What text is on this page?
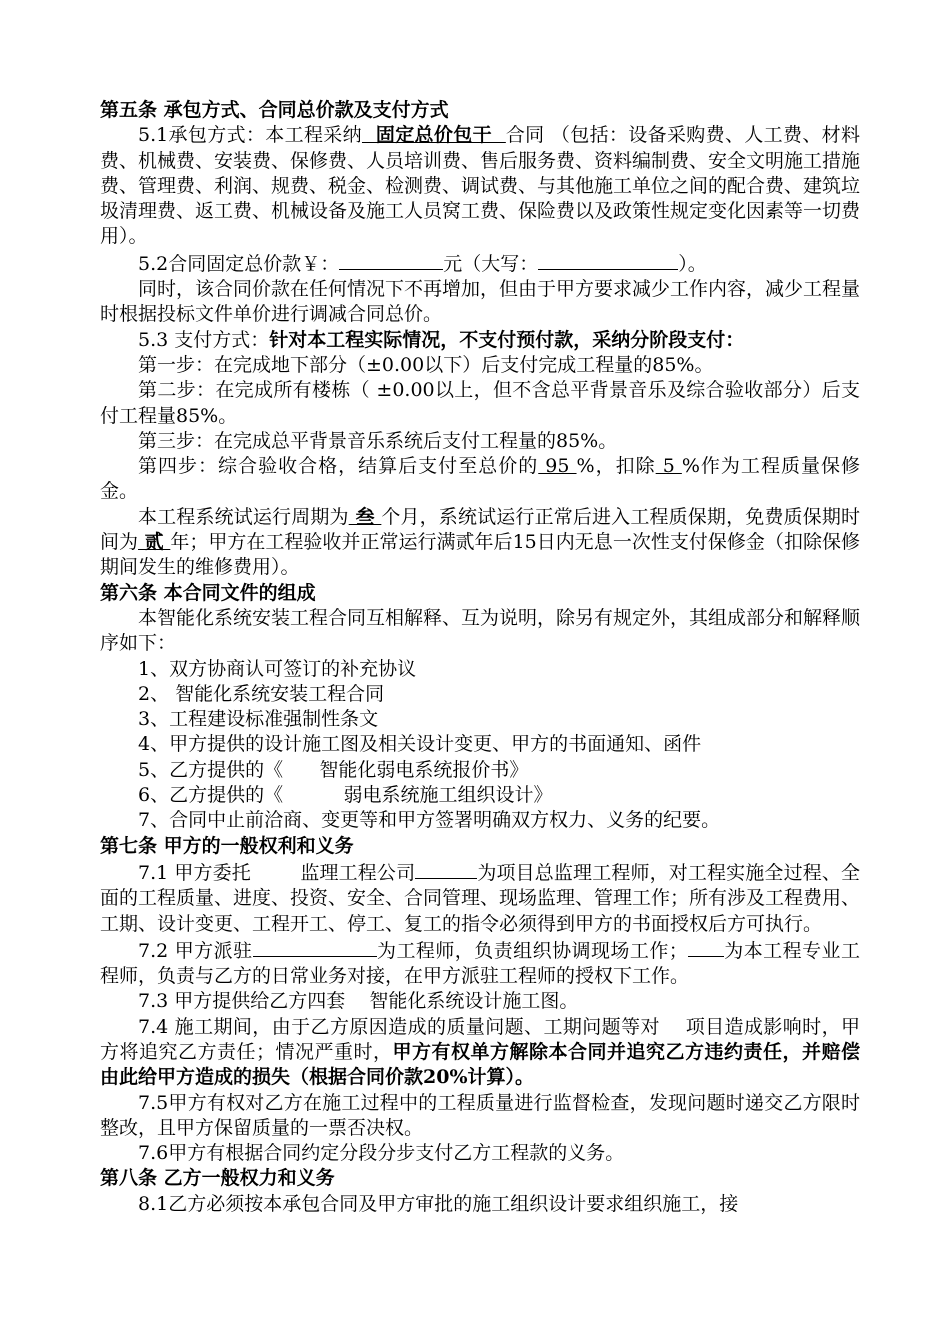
第五条 承包方式、合同总价款及支付方式

5.1承包方式：本工程采纳  固定总价包干  合同 （包括：设备采购费、人工费、材料费、机械费、安装费、保修费、人员培训费、售后服务费、资料编制费、安全文明施工措施费、管理费、利润、规费、税金、检测费、调试费、与其他施工单位之间的配合费、建筑垃圾清理费、返工费、机械设备及施工人员窝工费、保险费以及政策性规定变化因素等一切费用）。

5.2合同固定总价款￥：	元（大写：	）。

同时，该合同价款在任何情况下不再增加，但由于甲方要求减少工作内容，减少工程量时根据投标文件单价进行调减合同总价。

5.3 支付方式：针对本工程实际情况，不支付预付款，采纳分阶段支付：

第一步：在完成地下部分（±0.00以下）后支付完成工程量的85%。

第二步：在完成所有楼栋（ ±0.00以上，但不含总平背景音乐及综合验收部分）后支付工程量85%。

第三步：在完成总平背景音乐系统后支付工程量的85%。

第四步：综合验收合格，结算后支付至总价的 95 %，扣除 5 %作为工程质量保修金。

本工程系统试运行周期为 叁 个月，系统试运行正常后进入工程质保期，免费质保期时间为 贰 年；甲方在工程验收并正常运行满贰年后15日内无息一次性支付保修金（扣除保修期间发生的维修费用）。

第六条 本合同文件的组成

本智能化系统安装工程合同互相解释、互为说明，除另有规定外，其组成部分和解释顺序如下：

1、双方协商认可签订的补充协议

2、 智能化系统安装工程合同

3、工程建设标准强制性条文

4、甲方提供的设计施工图及相关设计变更、甲方的书面通知、函件

5、乙方提供的《      智能化弱电系统报价书》

6、乙方提供的《          弱电系统施工组织设计》

7、合同中止前洽商、变更等和甲方签署明确双方权力、义务的纪要。

第七条 甲方的一般权利和义务

7.1 甲方委托        监理工程公司	为项目总监理工程师，对工程实施全过程、全面的工程质量、进度、投资、安全、合同管理、现场监理、管理工作；所有涉及工程费用、工期、设计变更、工程开工、停工、复工的指令必须得到甲方的书面授权后方可执行。

7.2 甲方派驻	为工程师，负责组织协调现场工作； 为本工程专业工程师，负责与乙方的日常业务对接，在甲方派驻工程师的授权下工作。

7.3 甲方提供给乙方四套    智能化系统设计施工图。

7.4 施工期间，由于乙方原因造成的质量问题、工期问题等对    项目造成影响时，甲方将追究乙方责任；情况严重时，甲方有权单方解除本合同并追究乙方违约责任，并赔偿由此给甲方造成的损失（根据合同价款20%计算）。

7.5甲方有权对乙方在施工过程中的工程质量进行监督检查，发现问题时递交乙方限时整改，且甲方保留质量的一票否决权。

7.6甲方有根据合同约定分段分步支付乙方工程款的义务。

第八条 乙方一般权力和义务

8.1乙方必须按本承包合同及甲方审批的施工组织设计要求组织施工，接
